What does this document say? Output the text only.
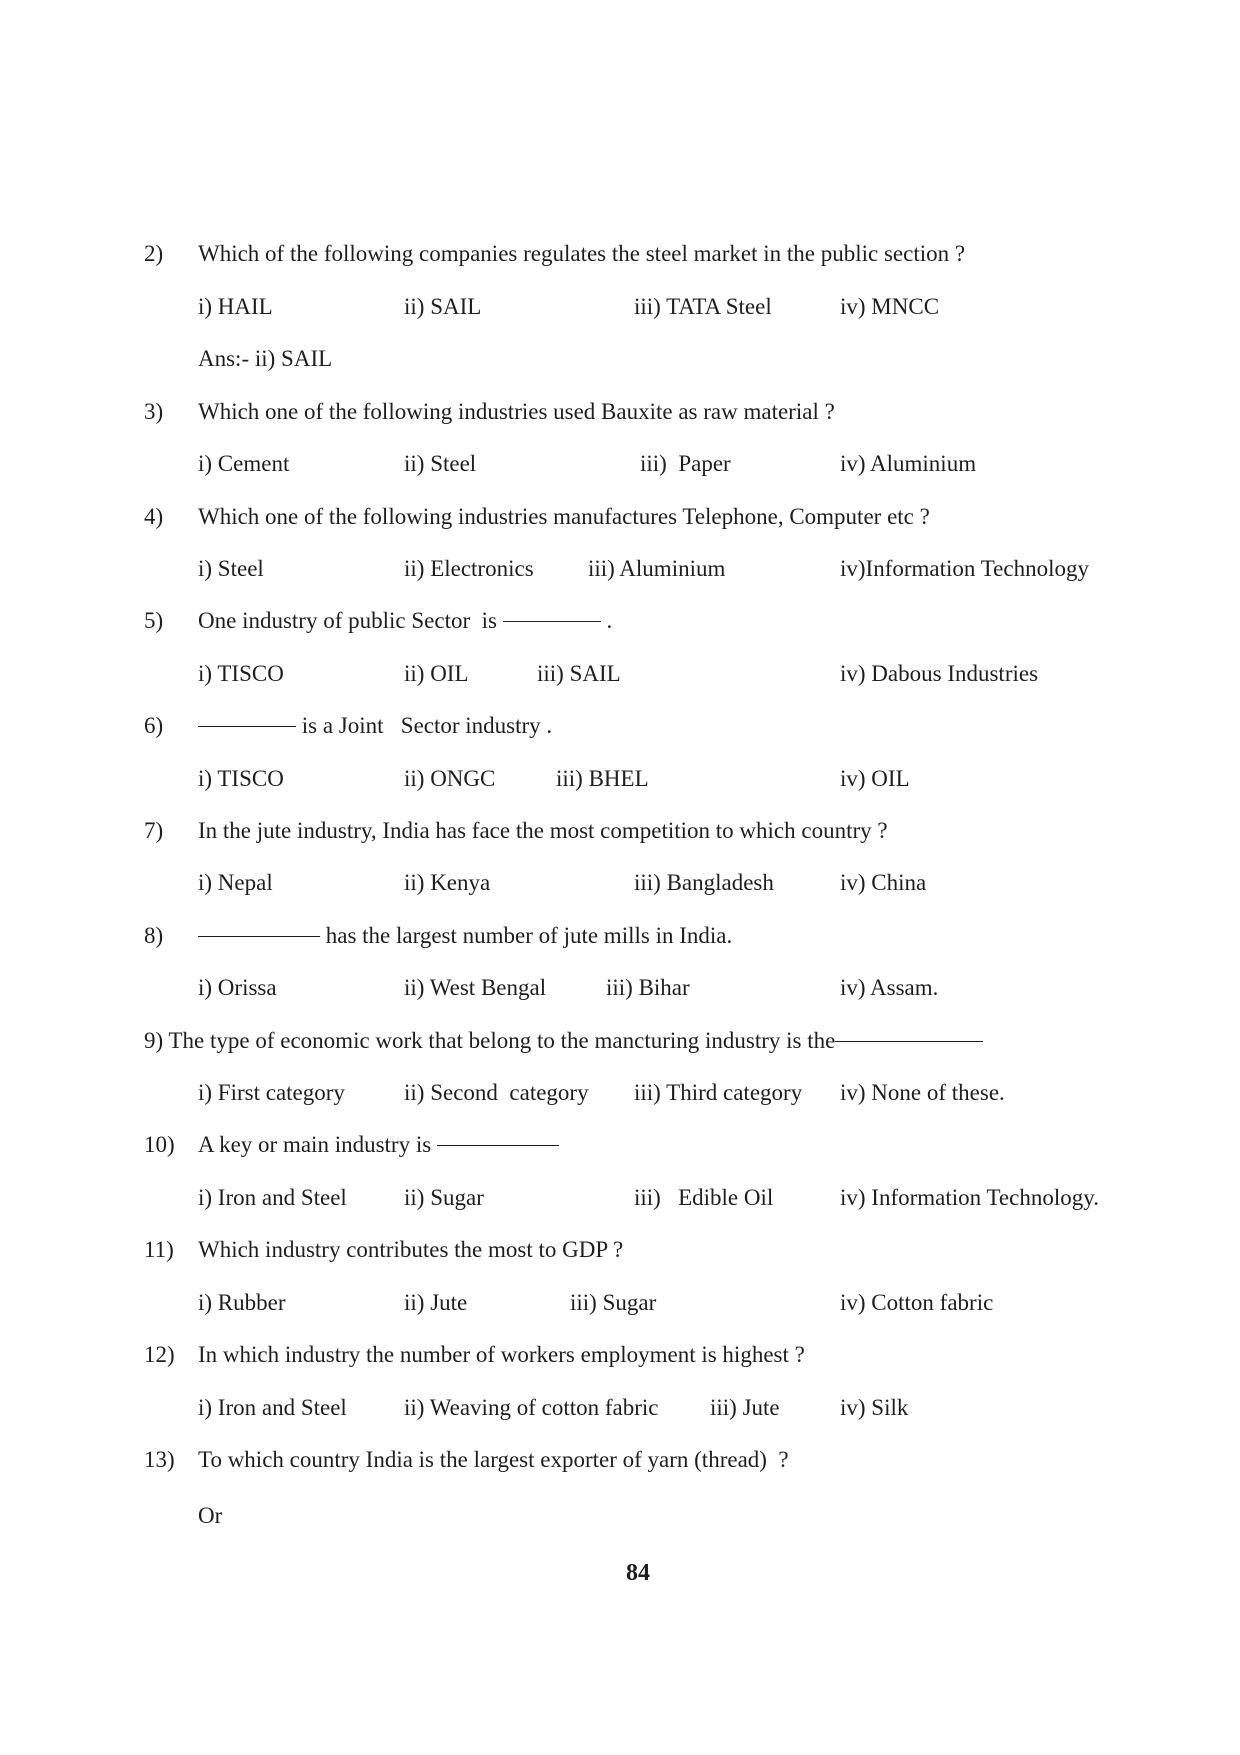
2) Which of the following companies regulates the steel market in the public section ?
i) HAIL	ii) SAIL	iii) TATA Steel	iv) MNCC
Ans:- ii) SAIL
3) Which one of the following industries used Bauxite as raw material ?
i) Cement	ii) Steel	iii)  Paper	iv) Aluminium
4) Which one of the following industries manufactures Telephone, Computer etc ?
i) Steel	ii) Electronics iii) Aluminium	iv)Information Technology
5) One industry of public Sector  is	.
i) TISCO	ii) OIL	iii) SAIL	iv) Dabous Industries
6)	is a Joint   Sector industry .
i) TISCO	ii) ONGC	iii) BHEL	iv) OIL
7) In the jute industry, India has face the most competition to which country ?
i) Nepal	ii) Kenya	iii) Bangladesh	iv) China
8)	has the largest number of jute mills in India.
i) Orissa	ii) West Bengal	iii) Bihar	iv) Assam.
9) The type of economic work that belong to the mancturing industry is the
i) First category	ii) Second  category iii) Third category iv) None of these.
10) A key or main industry is
i) Iron and Steel ii) Sugar	iii)   Edible Oil	iv) Information Technology.
11) Which industry contributes the most to GDP ?
i) Rubber	ii) Jute	iii) Sugar	iv) Cotton fabric
12) In which industry the number of workers employment is highest ?
i) Iron and Steel ii) Weaving of cotton fabric iii) Jute	iv) Silk
13) To which country India is the largest exporter of yarn (thread)  ?
Or
84
